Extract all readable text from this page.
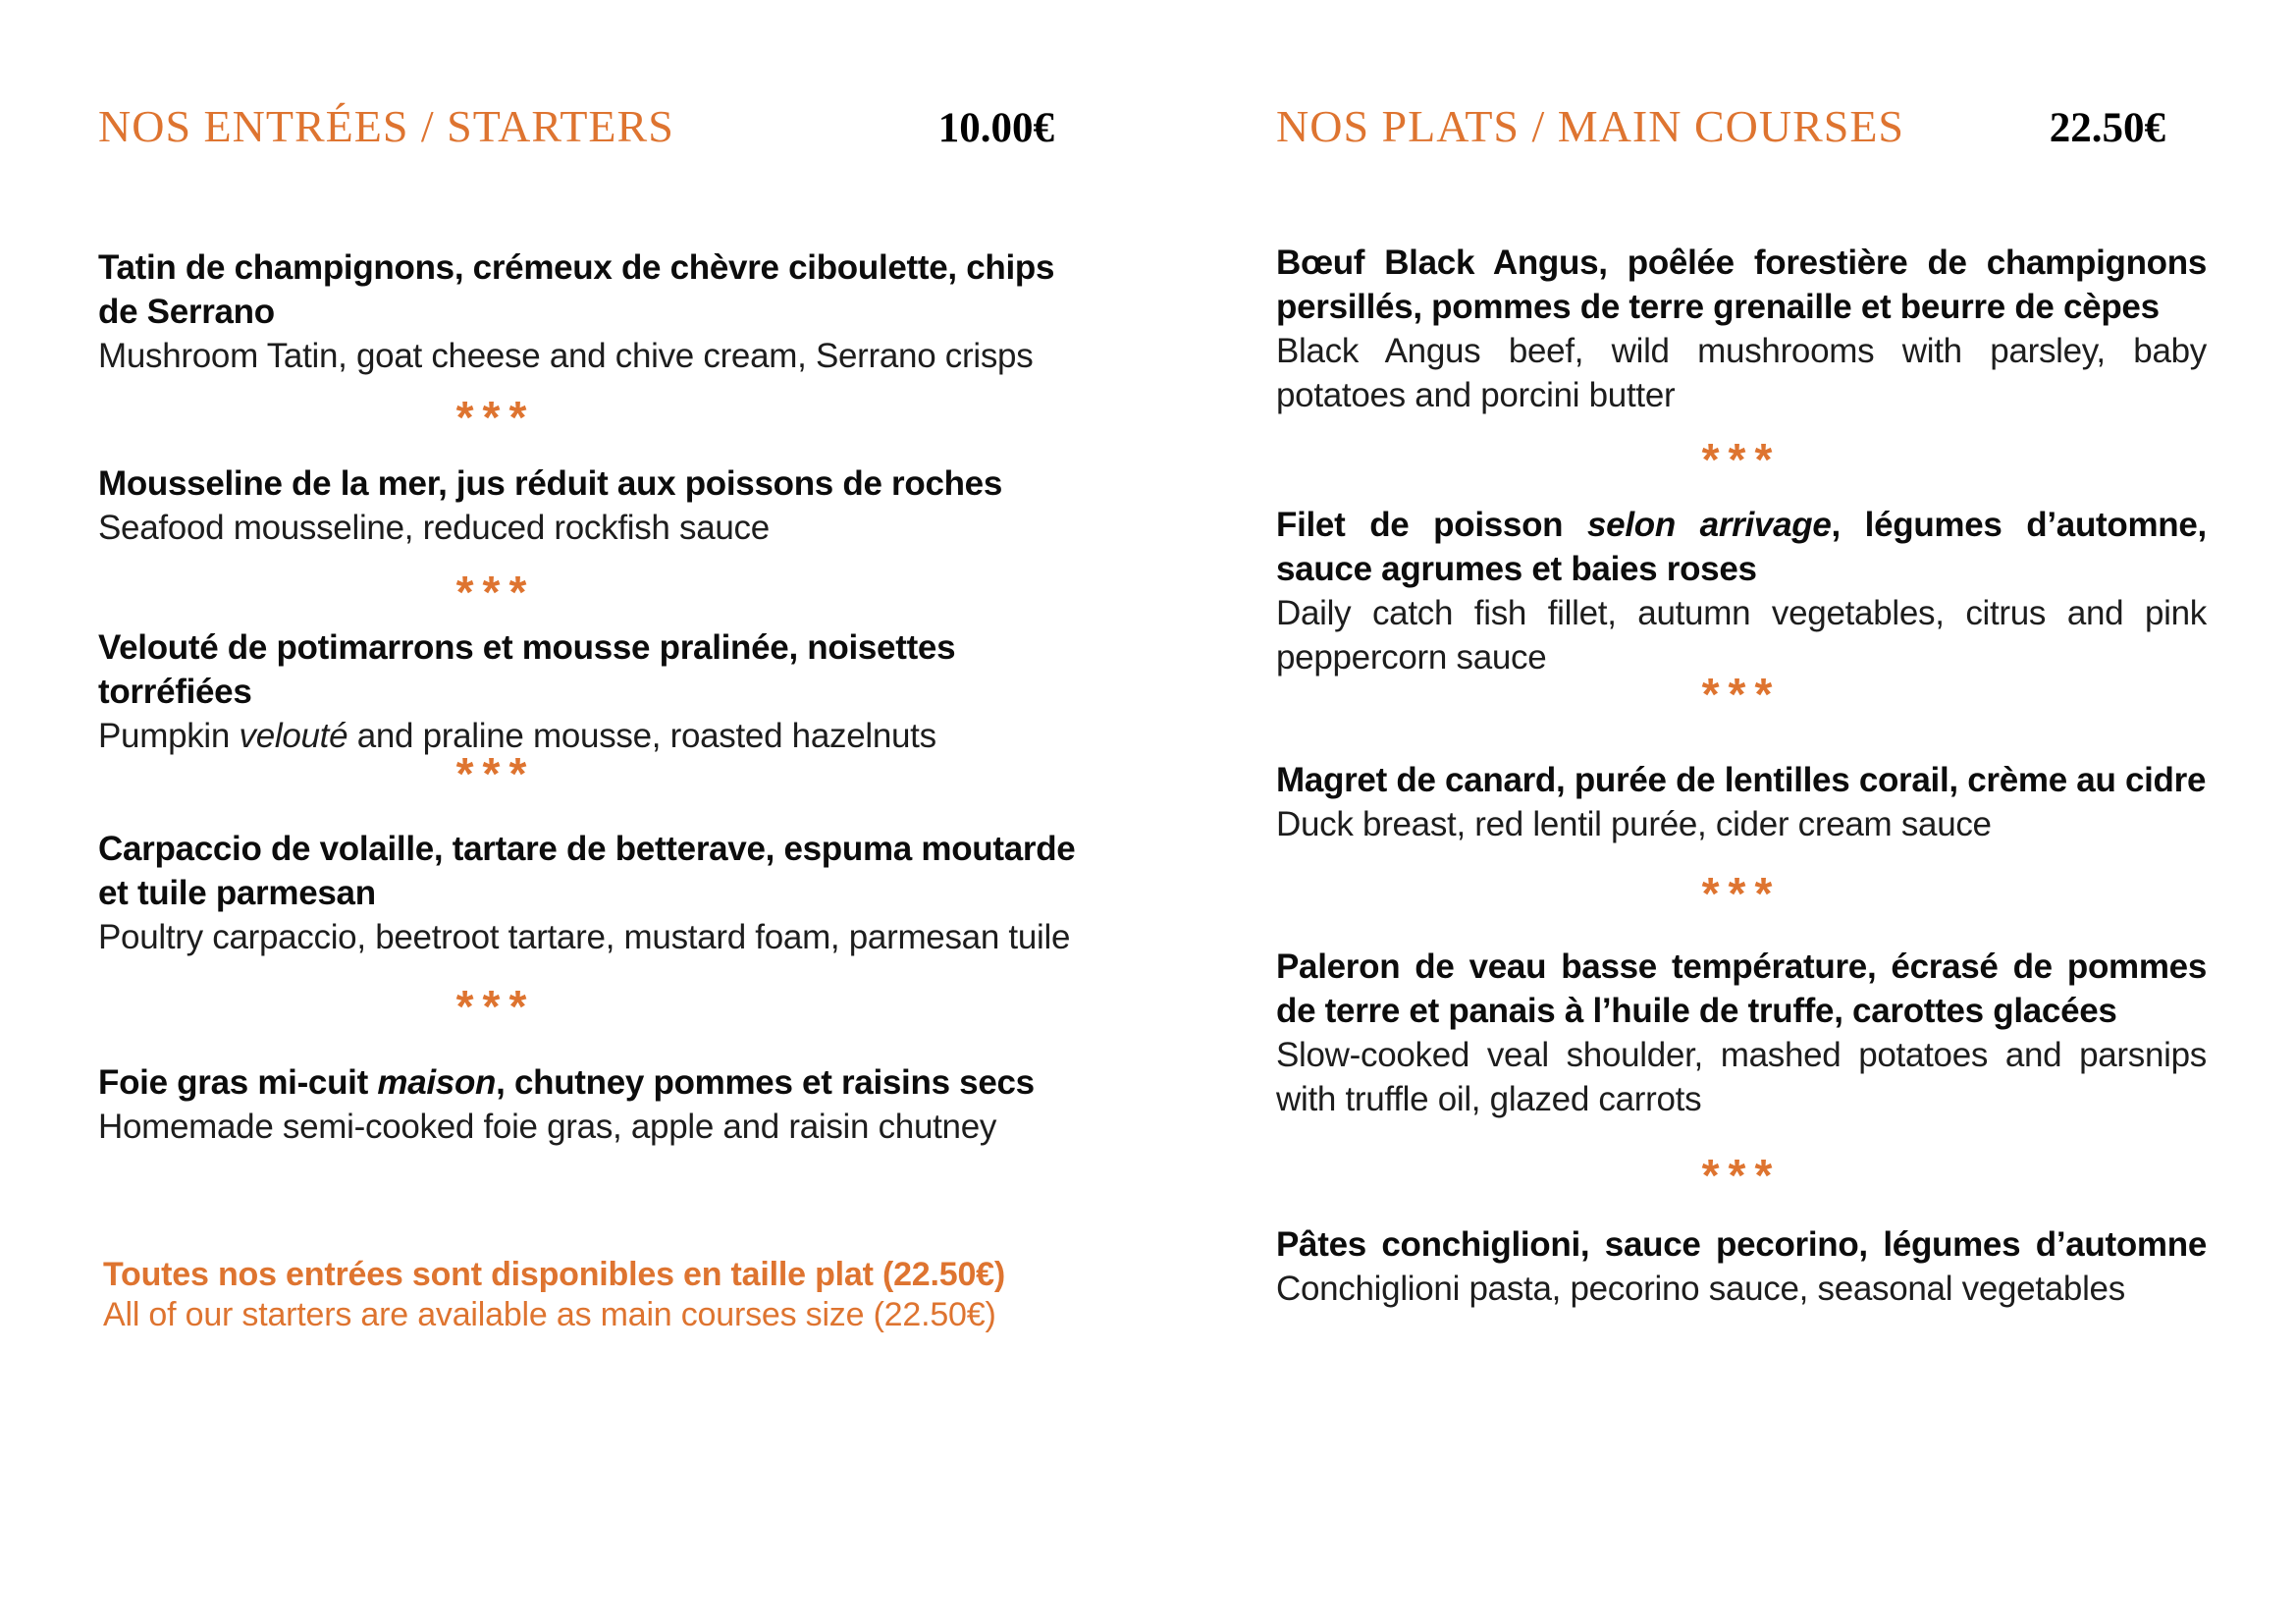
NOS ENTRÉES / STARTERS	10.00€

Tatin de champignons, crémeux de chèvre ciboulette, chips de Serrano

Mushroom Tatin, goat cheese and chive cream, Serrano crisps

***

Mousseline de la mer, jus réduit aux poissons de roches

Seafood mousseline, reduced rockfish sauce

***

Velouté de potimarrons et mousse pralinée, noisettes torréfiées

Pumpkin velouté and praline mousse, roasted hazelnuts

***

Carpaccio de volaille, tartare de betterave, espuma moutarde et tuile parmesan

Poultry carpaccio, beetroot tartare, mustard foam, parmesan tuile

***

Foie gras mi-cuit maison, chutney pommes et raisins secs

Homemade semi-cooked foie gras, apple and raisin chutney

Toutes nos entrées sont disponibles en taille plat (22.50€)

All of our starters are available as main courses size (22.50€)

NOS PLATS / MAIN COURSES	22.50€

Bœuf Black Angus, poêlée forestière de champignons persillés, pommes de terre grenaille et beurre de cèpes

Black Angus beef, wild mushrooms with parsley, baby potatoes and porcini butter

***

Filet de poisson selon arrivage, légumes d’automne, sauce agrumes et baies roses

Daily catch fish fillet, autumn vegetables, citrus and pink peppercorn sauce

***

Magret de canard, purée de lentilles corail, crème au cidre

Duck breast, red lentil purée, cider cream sauce

***

Paleron de veau basse température, écrasé de pommes de terre et panais à l’huile de truffe, carottes glacées

Slow-cooked veal shoulder, mashed potatoes and parsnips with truffle oil, glazed carrots

***

Pâtes conchiglioni, sauce pecorino, légumes d’automne

Conchiglioni pasta, pecorino sauce, seasonal vegetables
